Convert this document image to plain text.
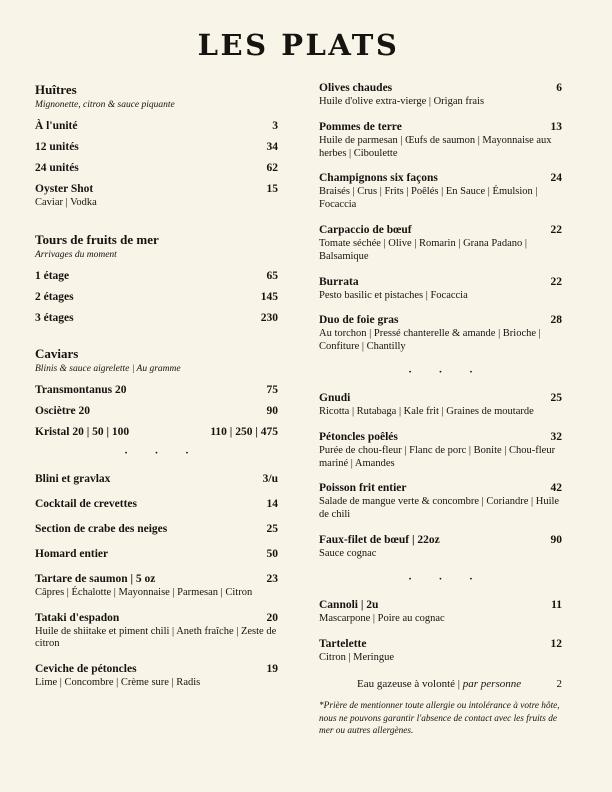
LES PLATS
Huîtres

Mignonette, citron & sauce piquante

À l'unité	3
12 unités	34
24 unités	62
Oyster Shot	15

Caviar | Vodka

Tours de fruits de mer

Arrivages du moment

1 étage	65
2 étages	145
3 étages	230
Caviars

Blinis & sauce aigrelette | Au gramme

Transmontanus 20	75
Osciètre 20	90
Kristal 20 | 50 | 100	110 | 250 | 475
· · ·
Blini et gravlax	3/u
Cocktail de crevettes	14
Section de crabe des neiges	25
Homard entier	50
Tartare de saumon | 5 oz	23

Câpres | Échalotte | Mayonnaise | Parmesan | Citron

Tataki d'espadon	20

Huile de shiitake et piment chili | Aneth fraîche | Zeste de citron

Ceviche de pétoncles	19

Lime | Concombre | Crème sure | Radis

Olives chaudes	6

Huile d'olive extra-vierge | Origan frais

Pommes de terre	13

Huile de parmesan | Œufs de saumon | Mayonnaise aux herbes | Ciboulette

Champignons six façons	24

Braisés | Crus | Frits | Poêlés | En Sauce | Émulsion | Focaccia

Carpaccio de bœuf	22

Tomate séchée | Olive | Romarin | Grana Padano | Balsamique

Burrata	22

Pesto basilic et pistaches | Focaccia

Duo de foie gras	28

Au torchon | Pressé chanterelle & amande | Brioche | Confiture | Chantilly

· · ·
Gnudi	25

Ricotta | Rutabaga | Kale frit | Graines de moutarde

Pétoncles poêlés	32

Purée de chou-fleur | Flanc de porc | Bonite | Chou-fleur mariné | Amandes

Poisson frit entier	42

Salade de mangue verte & concombre | Coriandre | Huile de chili

Faux-filet de bœuf | 22oz	90

Sauce cognac

· · ·
Cannoli | 2u	11

Mascarpone | Poire au cognac

Tartelette	12

Citron | Meringue

Eau gazeuse à volonté | par personne	2

*Prière de mentionner toute allergie ou intolérance à votre hôte, nous ne pouvons garantir l'absence de contact avec les fruits de mer ou autres allergènes.
